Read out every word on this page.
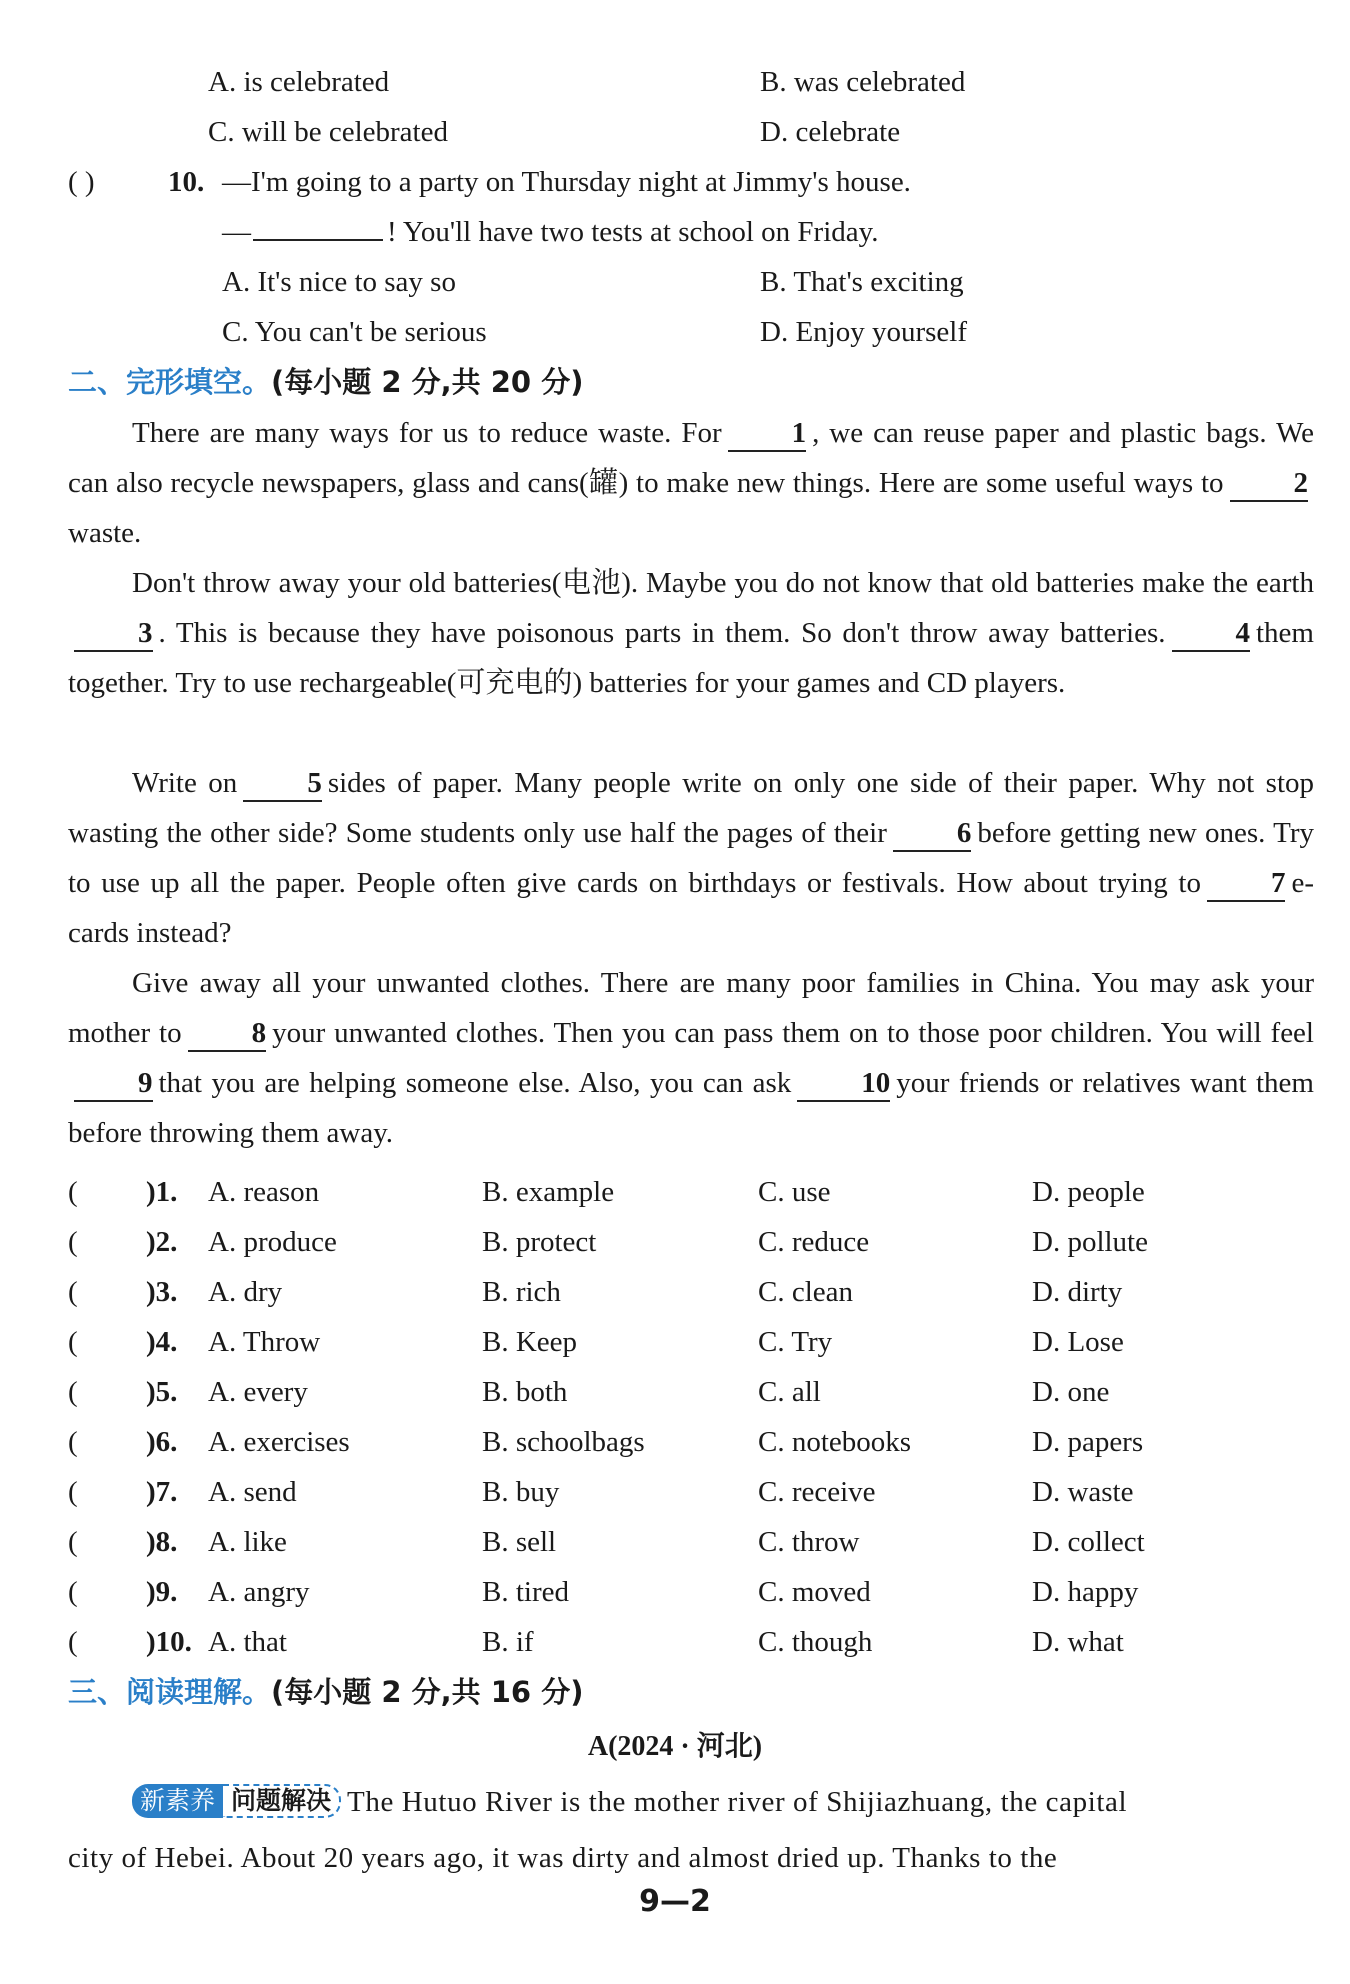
A. is celebrated	B. was celebrated
C. will be celebrated	D. celebrate
( )	10. —I'm going to a party on Thursday night at Jimmy's house.
—	! You'll have two tests at school on Friday.
A. It's nice to say so	B. That's exciting
C. You can't be serious	D. Enjoy yourself
二、完形填空。(每小题 2 分,共 20 分)
There are many ways for us to reduce waste. For 1 , we can reuse paper and plastic bags. We can also recycle newspapers, glass and cans(罐) to make new things. Here are some useful ways to 2waste.
Don't throw away your old batteries(电池). Maybe you do not know that old batteries make the earth3 . This is because they have poisonous parts in them. So don't throw away batteries. 4 them together. Try to use rechargeable(可充电的) batteries for your games and CD players.
Write on 5 sides of paper. Many people write on only one side of their paper. Why not stop wasting the other side? Some students only use half the pages of their 6 before getting new ones. Try to use up all the paper. People often give cards on birthdays or festivals. How about trying to 7 e-cards instead?
Give away all your unwanted clothes. There are many poor families in China. You may ask your mother to 8 your unwanted clothes. Then you can pass them on to those poor children. You will feel9 that you are helping someone else. Also, you can ask 10 your friends or relatives want them before throwing them away.
( )1. A. reason	B. example	C. use	D. people
( )2. A. produce	B. protect	C. reduce	D. pollute
( )3. A. dry	B. rich	C. clean	D. dirty
( )4. A. Throw	B. Keep	C. Try	D. Lose
( )5. A. every	B. both	C. all	D. one
( )6. A. exercises	B. schoolbags	C. notebooks	D. papers
( )7. A. send	B. buy	C. receive	D. waste
( )8. A. like	B. sell	C. throw	D. collect
( )9. A. angry	B. tired	C. moved	D. happy
( )10. A. that	B. if	C. though	D. what
三、阅读理解。(每小题 2 分,共 16 分)
A(2024 · 河北)
新素养 问题解决 The Hutuo River is the mother river of Shijiazhuang, the capital
city of Hebei. About 20 years ago, it was dirty and almost dried up. Thanks to the
9—2
